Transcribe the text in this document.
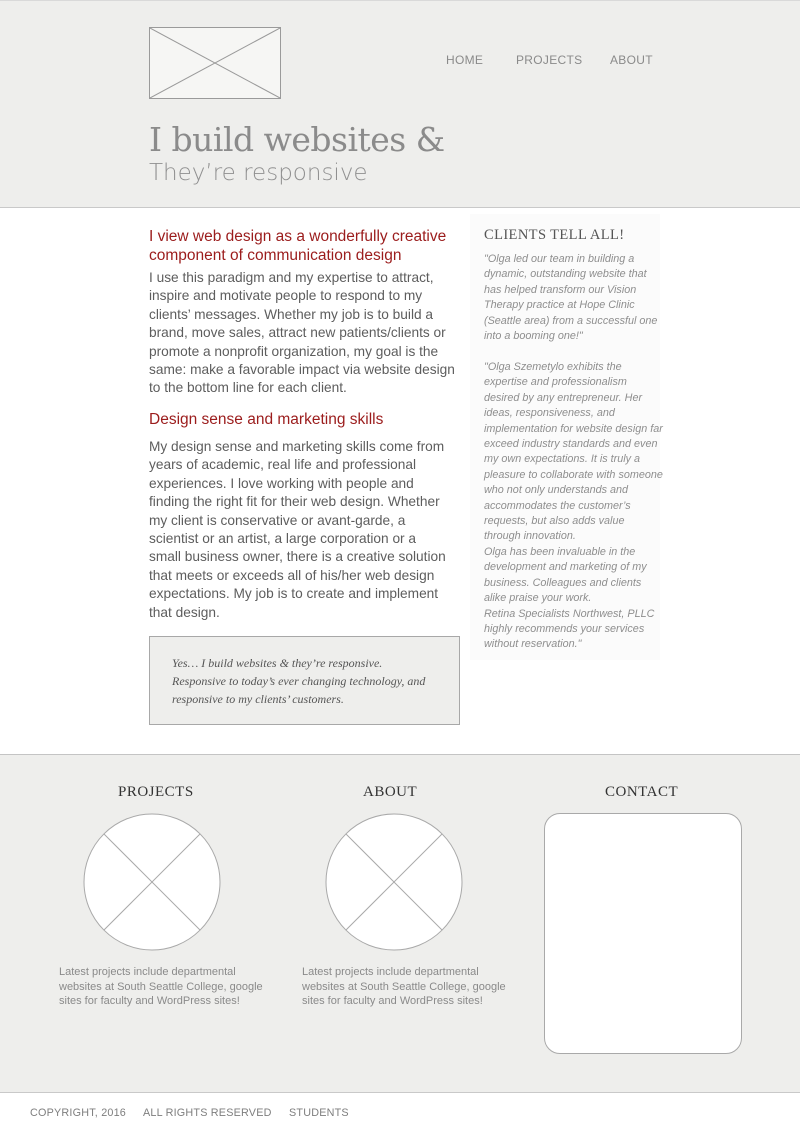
HOME	PROJECTS ABOUT
I build websites &
They’re responsive
I view web design as a wonderfully creative component of communication design
I use this paradigm and my expertise to attract, inspire and motivate people to respond to my clients’ messages. Whether my job is to build a brand, move sales, attract new patients/clients or promote a nonprofit organization, my goal is the same: make a favorable impact via website design to the bottom line for each client.
Design sense and marketing skills
My design sense and marketing skills come from years of academic, real life and professional experiences. I love working with people and finding the right fit for their web design. Whether my client is conservative or avant-garde, a scientist or an artist, a large corporation or a small business owner, there is a creative solution that meets or exceeds all of his/her web design expectations. My job is to create and implement that design.

Yes… I build websites & they’re responsive. Responsive to today’s ever changing technology, and responsive to my clients’ customers.

CLIENTS TELL ALL!
"Olga led our team in building a dynamic, outstanding website that has helped transform our Vision Therapy practice at Hope Clinic (Seattle area) from a successful one into a booming one!"
"Olga Szemetylo exhibits the expertise and professionalism desired by any entrepreneur. Her ideas, responsiveness, and implementation for website design far exceed industry standards and even my own expectations. It is truly a pleasure to collaborate with someone who not only understands and accommodates the customer’s requests, but also adds value through innovation.
Olga has been invaluable in the development and marketing of my business. Colleagues and clients alike praise your work.
Retina Specialists Northwest, PLLC highly recommends your services without reservation."
PROJECTS	ABOUT	CONTACT
Latest projects include departmental websites at South Seattle College, google sites for faculty and WordPress sites!
Latest projects include departmental websites at South Seattle College, google sites for faculty and WordPress sites!
COPYRIGHT, 2016 ALL RIGHTS RESERVED STUDENTS
